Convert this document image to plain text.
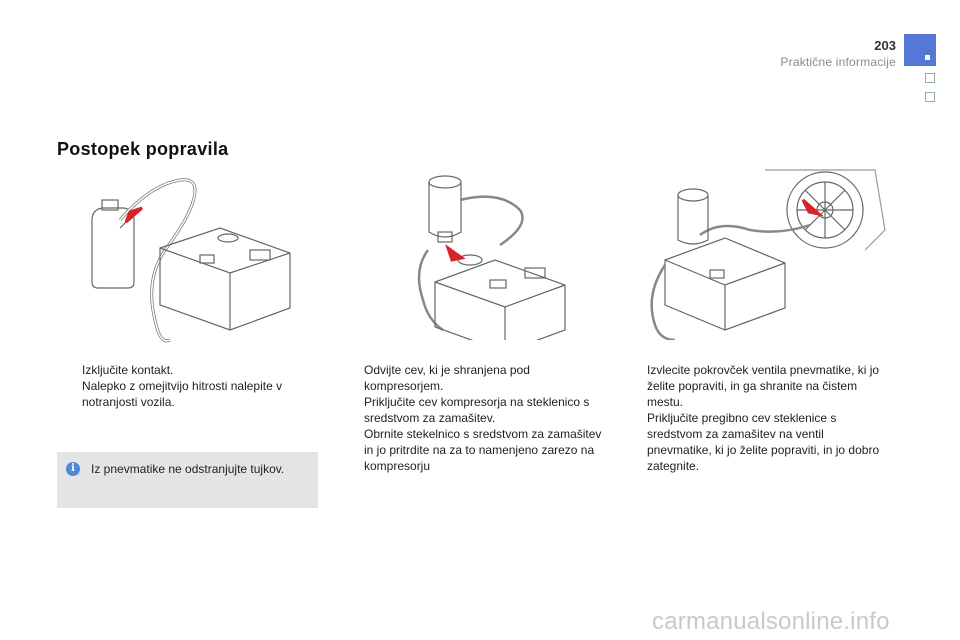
203
Praktične informacije
Postopek popravila
Izključite kontakt.
Nalepko z omejitvijo hitrosti nalepite v notranjosti vozila.
Odvijte cev, ki je shranjena pod kompresorjem.
Priključite cev kompresorja na steklenico s sredstvom za zamašitev.
Obrnite stekelnico s sredstvom za zamašitev in jo pritrdite na za to namenjeno zarezo na kompresorju
Izvlecite pokrovček ventila pnevmatike, ki jo želite popraviti, in ga shranite na čistem mestu.
Priključite pregibno cev steklenice s sredstvom za zamašitev na ventil pnevmatike, ki jo želite popraviti, in jo dobro zategnite.
i	Iz pnevmatike ne odstranjujte tujkov.
carmanualsonline.info
